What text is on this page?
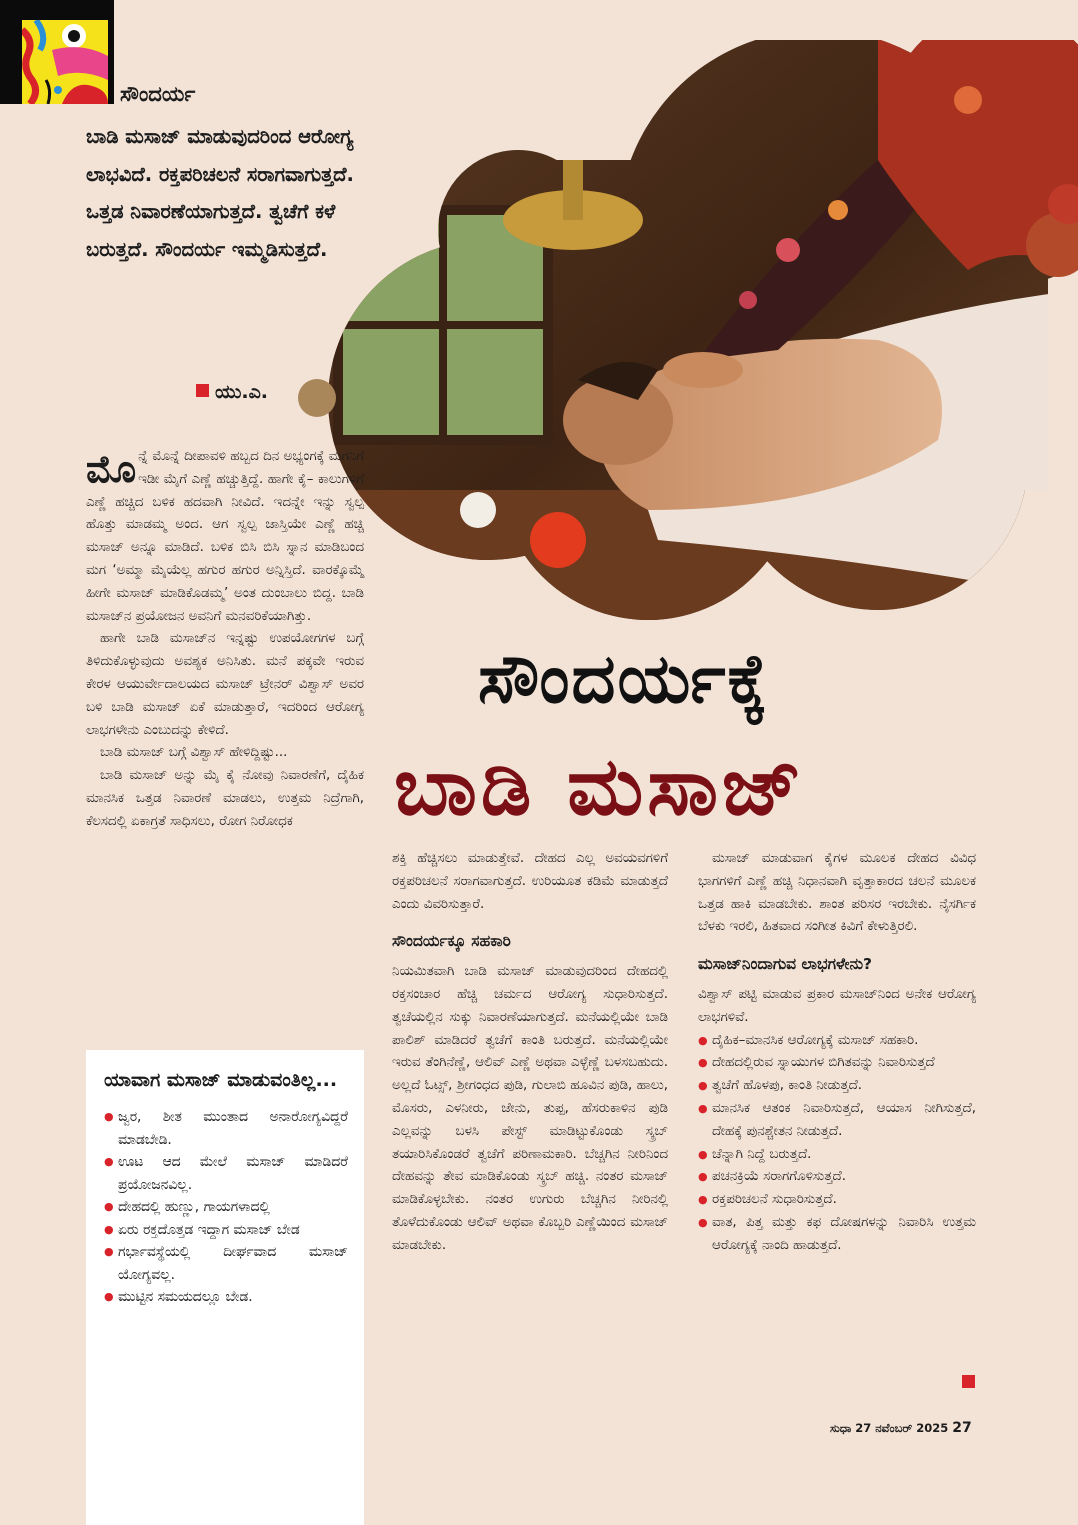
ಸೌಂದರ್ಯ
ಬಾಡಿ ಮಸಾಜ್ ಮಾಡುವುದರಿಂದ ಆರೋಗ್ಯ ಲಾಭವಿದೆ. ರಕ್ತಪರಿಚಲನೆ ಸರಾಗವಾಗುತ್ತದೆ. ಒತ್ತಡ ನಿವಾರಣೆಯಾಗುತ್ತದೆ. ತ್ವಚೆಗೆ ಕಳೆ ಬರುತ್ತದೆ. ಸೌಂದರ್ಯ ಇಮ್ಮಡಿಸುತ್ತದೆ.
ಯು.ಎ.
ಸೌಂದರ್ಯಕ್ಕೆ
ಬಾಡಿ ಮಸಾಜ್

ಮೊನ್ನೆ ಮೊನ್ನೆ ದೀಪಾವಳಿ ಹಬ್ಬದ ದಿನ ಅಭ್ಯಂಗಕ್ಕೆ ಮಗನಿಗೆ ಇಡೀ ಮೈಗೆ ಎಣ್ಣೆ ಹಚ್ಚುತ್ತಿದ್ದೆ. ಹಾಗೇ ಕೈ– ಕಾಲುಗಳಿಗೆ ಎಣ್ಣೆ ಹಚ್ಚಿದ ಬಳಿಕ ಹದವಾಗಿ ನೀವಿದೆ. ಇದನ್ನೇ ಇನ್ನು ಸ್ವಲ್ಪ ಹೊತ್ತು ಮಾಡಮ್ಮ ಅಂದ. ಆಗ ಸ್ವಲ್ಪ ಜಾಸ್ತಿಯೇ ಎಣ್ಣೆ ಹಚ್ಚಿ ಮಸಾಜ್ ಅನ್ನೂ ಮಾಡಿದೆ. ಬಳಿಕ ಬಿಸಿ ಬಿಸಿ ಸ್ನಾನ ಮಾಡಿಬಂದ ಮಗ ‘ಅಮ್ಮಾ ಮೈಯೆಲ್ಲ ಹಗುರ ಹಗುರ ಅನ್ನಿಸ್ತಿದೆ. ವಾರಕ್ಕೊಮ್ಮೆ ಹೀಗೇ ಮಸಾಜ್ ಮಾಡಿಕೊಡಮ್ಮ’ ಅಂತ ದುಂಬಾಲು ಬಿದ್ದ. ಬಾಡಿ ಮಸಾಜ್‌ನ ಪ್ರಯೋಜನ ಅವನಿಗೆ ಮನವರಿಕೆಯಾಗಿತ್ತು.

ಹಾಗೇ ಬಾಡಿ ಮಸಾಜ್‌ನ ಇನ್ನಷ್ಟು ಉಪಯೋಗಗಳ ಬಗ್ಗೆ ತಿಳಿದುಕೊಳ್ಳುವುದು ಅವಶ್ಯಕ ಅನಿಸಿತು. ಮನೆ ಪಕ್ಕವೇ ಇರುವ ಕೇರಳ ಆಯುರ್ವೇದಾಲಯದ ಮಸಾಜ್ ಟ್ರೇನರ್ ವಿಶ್ವಾಸ್ ಅವರ ಬಳಿ ಬಾಡಿ ಮಸಾಜ್ ಏಕೆ ಮಾಡುತ್ತಾರೆ, ಇದರಿಂದ ಆರೋಗ್ಯ ಲಾಭಗಳೇನು ಎಂಬುದನ್ನು ಕೇಳಿದೆ.

ಬಾಡಿ ಮಸಾಜ್ ಬಗ್ಗೆ ವಿಶ್ವಾಸ್ ಹೇಳಿದ್ದಿಷ್ಟು...

ಬಾಡಿ ಮಸಾಜ್ ಅನ್ನು ಮೈ ಕೈ ನೋವು ನಿವಾರಣೆಗೆ, ದೈಹಿಕ ಮಾನಸಿಕ ಒತ್ತಡ ನಿವಾರಣೆ ಮಾಡಲು, ಉತ್ತಮ ನಿದ್ರೆಗಾಗಿ, ಕೆಲಸದಲ್ಲಿ ಏಕಾಗ್ರತೆ ಸಾಧಿಸಲು, ರೋಗ ನಿರೋಧಕ

ಶಕ್ತಿ ಹೆಚ್ಚಿಸಲು ಮಾಡುತ್ತೇವೆ. ದೇಹದ ಎಲ್ಲ ಅವಯವಗಳಿಗೆ ರಕ್ತಪರಿಚಲನೆ ಸರಾಗವಾಗುತ್ತದೆ. ಉರಿಯೂತ ಕಡಿಮೆ ಮಾಡುತ್ತದೆ ಎಂದು ವಿವರಿಸುತ್ತಾರೆ.

ಸೌಂದರ್ಯಕ್ಕೂ ಸಹಕಾರಿ

ನಿಯಮಿತವಾಗಿ ಬಾಡಿ ಮಸಾಜ್ ಮಾಡುವುದರಿಂದ ದೇಹದಲ್ಲಿ ರಕ್ತಸಂಚಾರ ಹೆಚ್ಚಿ ಚರ್ಮದ ಆರೋಗ್ಯ ಸುಧಾರಿಸುತ್ತದೆ. ತ್ವಚೆಯಲ್ಲಿನ ಸುಕ್ಕು ನಿವಾರಣೆಯಾಗುತ್ತದೆ. ಮನೆಯಲ್ಲಿಯೇ ಬಾಡಿ ಪಾಲಿಶ್ ಮಾಡಿದರೆ ತ್ವಚೆಗೆ ಕಾಂತಿ ಬರುತ್ತದೆ. ಮನೆಯಲ್ಲಿಯೇ ಇರುವ ತೆಂಗಿನೆಣ್ಣೆ, ಆಲಿವ್ ಎಣ್ಣೆ ಅಥವಾ ಎಳ್ಳೆಣ್ಣೆ ಬಳಸಬಹುದು. ಅಲ್ಲದೆ ಓಟ್ಸ್, ಶ್ರೀಗಂಧದ ಪುಡಿ, ಗುಲಾಬಿ ಹೂವಿನ ಪುಡಿ, ಹಾಲು, ಮೊಸರು, ಎಳನೀರು, ಜೇನು, ತುಪ್ಪ, ಹೆಸರುಕಾಳಿನ ಪುಡಿ ಎಲ್ಲವನ್ನು ಬಳಸಿ ಪೇಸ್ಟ್ ಮಾಡಿಟ್ಟುಕೊಂಡು ಸ್ಕ್ರಬ್ ತಯಾರಿಸಿಕೊಂಡರೆ ತ್ವಚೆಗೆ ಪರಿಣಾಮಕಾರಿ. ಬೆಚ್ಚಗಿನ ನೀರಿನಿಂದ ದೇಹವನ್ನು ತೇವ ಮಾಡಿಕೊಂಡು ಸ್ಕ್ರಬ್ ಹಚ್ಚಿ. ನಂತರ ಮಸಾಜ್ ಮಾಡಿಕೊಳ್ಳಬೇಕು. ನಂತರ ಉಗುರು ಬೆಚ್ಚಗಿನ ನೀರಿನಲ್ಲಿ ತೊಳೆದುಕೊಂಡು ಆಲಿವ್ ಅಥವಾ ಕೊಬ್ಬರಿ ಎಣ್ಣೆಯಿಂದ ಮಸಾಜ್ ಮಾಡಬೇಕು.

ಮಸಾಜ್ ಮಾಡುವಾಗ ಕೈಗಳ ಮೂಲಕ ದೇಹದ ವಿವಿಧ ಭಾಗಗಳಿಗೆ ಎಣ್ಣೆ ಹಚ್ಚಿ ನಿಧಾನವಾಗಿ ವೃತ್ತಾಕಾರದ ಚಲನೆ ಮೂಲಕ ಒತ್ತಡ ಹಾಕಿ ಮಾಡಬೇಕು. ಶಾಂತ ಪರಿಸರ ಇರಬೇಕು. ನೈಸರ್ಗಿಕ ಬೆಳಕು ಇರಲಿ, ಹಿತವಾದ ಸಂಗೀತ ಕಿವಿಗೆ ಕೇಳುತ್ತಿರಲಿ.

ಮಸಾಜ್‌ನಿಂದಾಗುವ ಲಾಭಗಳೇನು?

ವಿಶ್ವಾಸ್ ಪಟ್ಟಿ ಮಾಡುವ ಪ್ರಕಾರ ಮಸಾಜ್‌ನಿಂದ ಅನೇಕ ಆರೋಗ್ಯ ಲಾಭಗಳಿವೆ.

● ದೈಹಿಕ–ಮಾನಸಿಕ ಆರೋಗ್ಯಕ್ಕೆ ಮಸಾಜ್ ಸಹಕಾರಿ.
● ದೇಹದಲ್ಲಿರುವ ಸ್ನಾಯುಗಳ ಬಿಗಿತವನ್ನು ನಿವಾರಿಸುತ್ತದೆ
● ತ್ವಚೆಗೆ ಹೊಳಪು, ಕಾಂತಿ ನೀಡುತ್ತದೆ.
● ಮಾನಸಿಕ ಆತಂಕ ನಿವಾರಿಸುತ್ತದೆ, ಆಯಾಸ ನೀಗಿಸುತ್ತದೆ, ದೇಹಕ್ಕೆ ಪುನಶ್ಚೇತನ ನೀಡುತ್ತದೆ.
● ಚೆನ್ನಾಗಿ ನಿದ್ದೆ ಬರುತ್ತದೆ.
● ಪಚನಕ್ರಿಯೆ ಸರಾಗಗೊಳಿಸುತ್ತದೆ.
● ರಕ್ತಪರಿಚಲನೆ ಸುಧಾರಿಸುತ್ತದೆ.
● ವಾತ, ಪಿತ್ತ ಮತ್ತು ಕಫ ದೋಷಗಳನ್ನು ನಿವಾರಿಸಿ ಉತ್ತಮ ಆರೋಗ್ಯಕ್ಕೆ ನಾಂದಿ ಹಾಡುತ್ತದೆ.
ಯಾವಾಗ ಮಸಾಜ್ ಮಾಡುವಂತಿಲ್ಲ...
● ಜ್ವರ, ಶೀತ ಮುಂತಾದ ಅನಾರೋಗ್ಯವಿದ್ದರೆ ಮಾಡಬೇಡಿ.
● ಊಟ ಆದ ಮೇಲೆ ಮಸಾಜ್ ಮಾಡಿದರೆ ಪ್ರಯೋಜನವಿಲ್ಲ.
● ದೇಹದಲ್ಲಿ ಹುಣ್ಣು, ಗಾಯಗಳಾದಲ್ಲಿ
● ಏರು ರಕ್ತದೊತ್ತಡ ಇದ್ದಾಗ ಮಸಾಜ್ ಬೇಡ
● ಗರ್ಭಾವಸ್ಥೆಯಲ್ಲಿ ದೀರ್ಘವಾದ ಮಸಾಜ್ ಯೋಗ್ಯವಲ್ಲ.
● ಮುಟ್ಟಿನ ಸಮಯದಲ್ಲೂ ಬೇಡ.
ಸುಧಾ 27 ನವೆಂಬರ್ 2025 27
